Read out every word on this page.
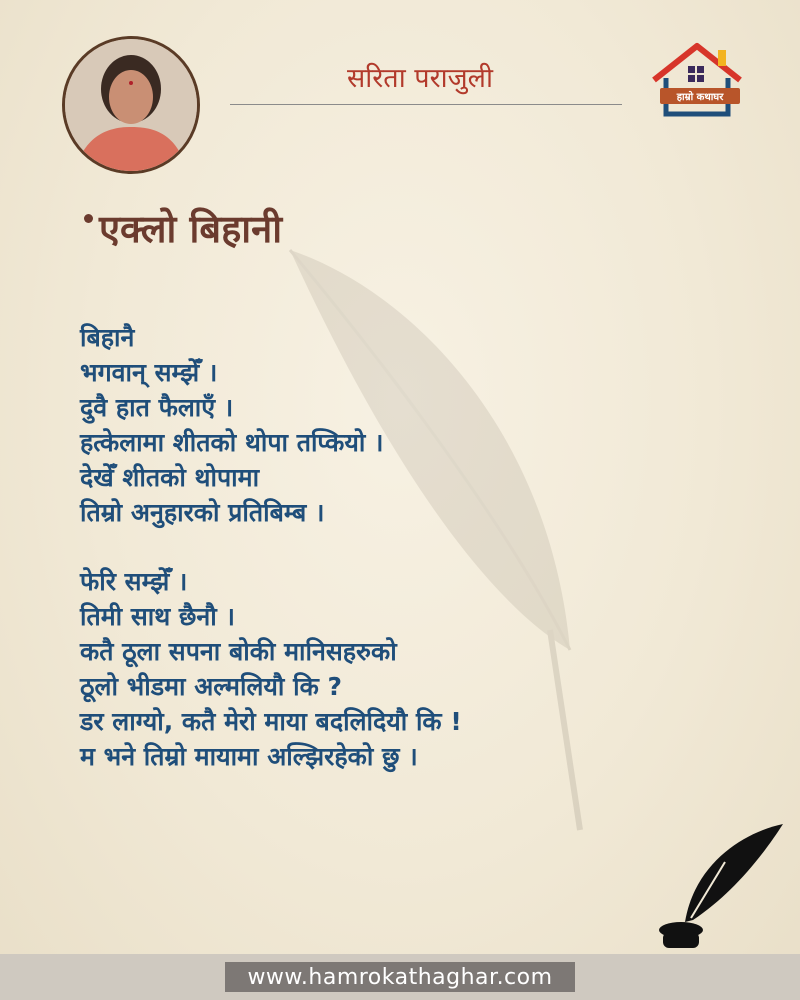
सरिता पराजुली
हाम्रो कथाघर
एक्लो बिहानी
बिहानै
भगवान् सम्झेँ ।
दुवै हात फैलाएँ ।
हत्केलामा शीतको थोपा तप्कियो ।
देखेँ शीतको थोपामा
तिम्रो अनुहारको प्रतिबिम्ब ।
फेरि सम्झेँ ।
तिमी साथ छैनौ ।
कतै ठूला सपना बोकी मानिसहरुको
ठूलो भीडमा अल्मलियौ कि ?
डर लाग्यो, कतै मेरो माया बदलिदियौ कि !
म भने तिम्रो मायामा अल्झिरहेको छु ।
www.hamrokathaghar.com
